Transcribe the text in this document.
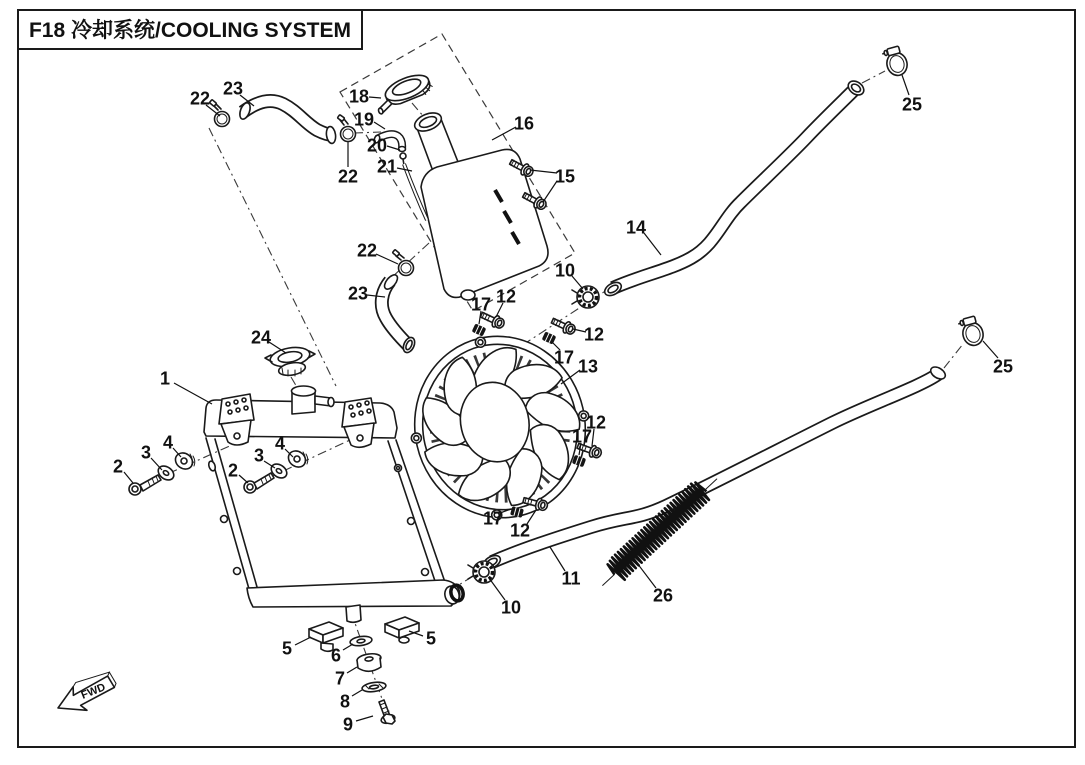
F18 冷却系统/COOLING SYSTEM
FWD
22 23	18
19
20
21
16
15
22
14
25
10
22
23
17 12
12
17 13
24
1
2
3 4
2
3
4	17
12
17
12
11
10
26
25
5 6
5
7
8
9
